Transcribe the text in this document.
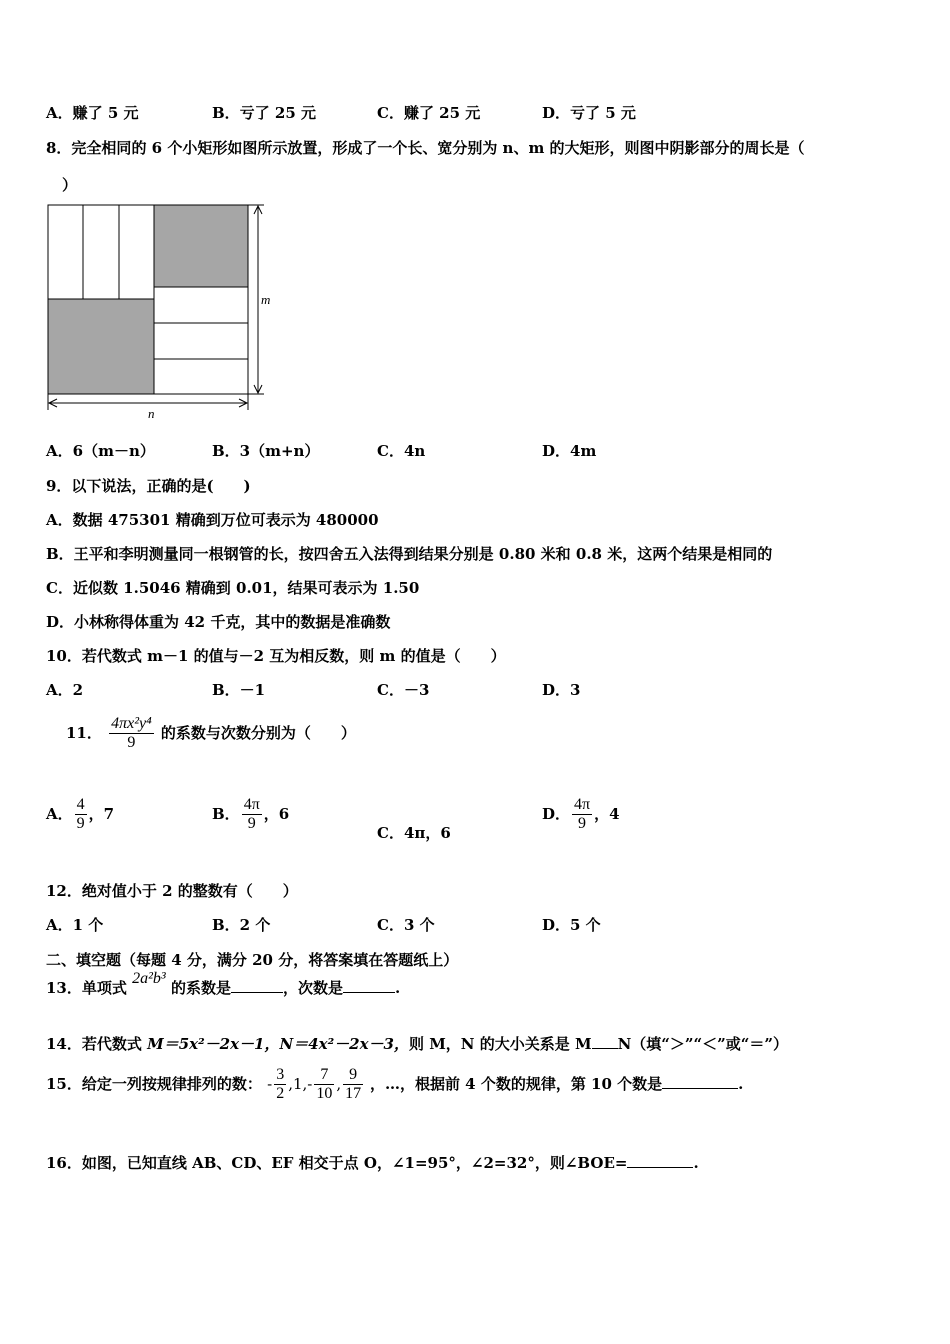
A．赚了 5 元	B．亏了 25 元	C．赚了 25 元	D．亏了 5 元
8．完全相同的 6 个小矩形如图所示放置，形成了一个长、宽分别为 n、m 的大矩形，则图中阴影部分的周长是（
）
m
n
A．6（m－n）	B．3（m+n）	C．4n	D．4m
9．以下说法，正确的是(　　)
A．数据 475301 精确到万位可表示为 480000
B．王平和李明测量同一根钢管的长，按四舍五入法得到结果分别是 0.80 米和 0.8 米，这两个结果是相同的
C．近似数 1.5046 精确到 0.01，结果可表示为 1.50
D．小林称得体重为 42 千克，其中的数据是准确数
10．若代数式 m－1 的值与－2 互为相反数，则 m 的值是（　　）
A．2	B．－1	C．－3	D．3
11． $\frac{\text{4πx²y⁴}}{9}$ 的系数与次数分别为（　　）
A． $\frac{4}{9}$ ，7	B． $\frac{4\pi}{9}$ ，6
C．4π，6
D． $\frac{4\pi}{9}$ ，4
12．绝对值小于 2 的整数有（　　）
A．1 个	B．2 个	C．3 个	D．5 个
二、填空题（每题 4 分，满分 20 分，将答案填在答题纸上）
13．单项式 2a²b³ 的系数是	，次数是	.
14．若代数式 M＝5x²－2x－1，N＝4x²－2x－3，则 M，N 的大小关系是 M N（填“＞”“＜”或“＝”）
15．给定一列按规律排列的数： - $\frac{3}{2} ,1,- \frac{7}{10}$ , $\frac{9}{17}$ ，…，根据前 4 个数的规律，第 10 个数是	.
16．如图，已知直线 AB、CD、EF 相交于点 O，∠1=95°，∠2=32°，则∠BOE=	.
